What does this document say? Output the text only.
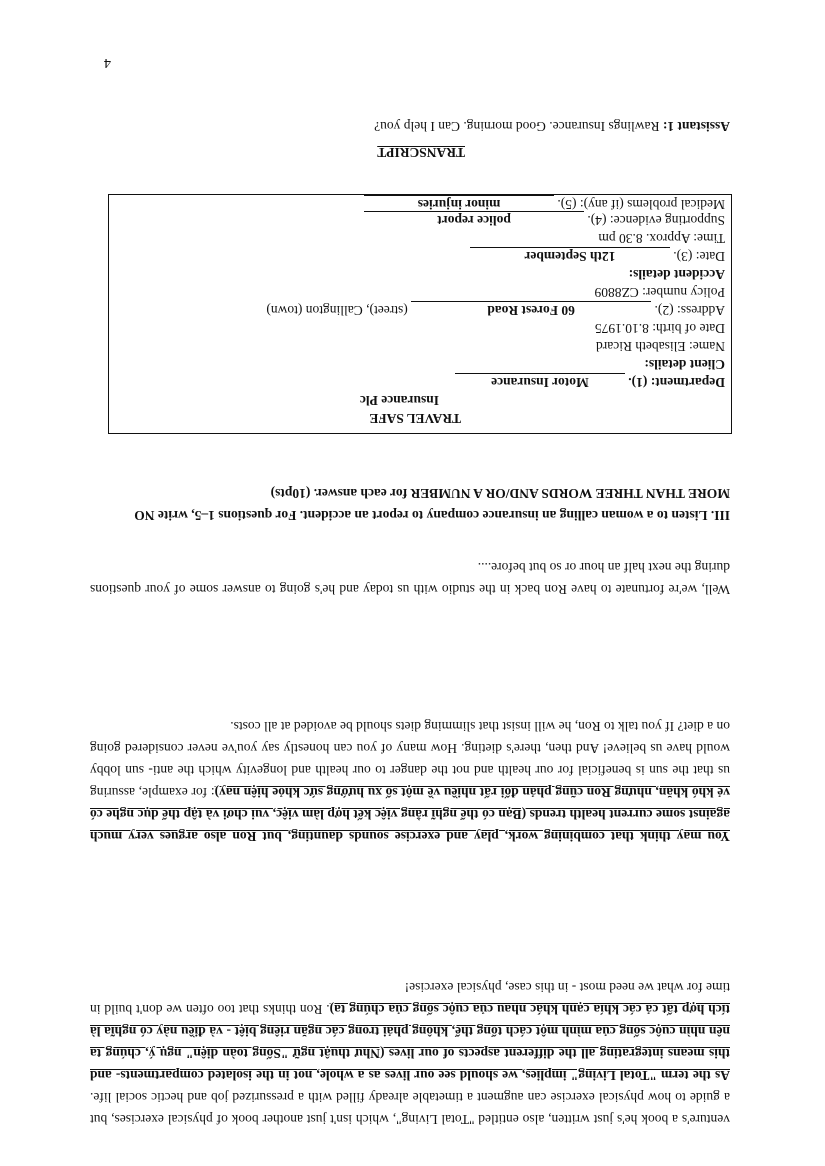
venture's a book he's just written, also entitled "Total Living", which isn't just another book of physical exercises, but a guide to how physical exercise can augment a timetable already filled with a pressurized job and hectic social life. As the term "Total Living" implies, we should see our lives as a whole, not in the isolated compartments- and this means integrating all the different aspects of our lives (Như thuật ngữ "Sống toàn diện" ngụ ý, chúng ta nên nhìn cuộc sống của mình một cách tổng thể, không phải trong các ngăn riêng biệt - và điều này có nghĩa là tích hợp tất cả các khía cạnh khác nhau của cuộc sống của chúng ta). Ron thinks that too often we don't build in time for what we need most - in this case, physical exercise!
You may think that combining work, play and exercise sounds daunting, but Ron also argues very much against some current health trends (Bạn có thể nghĩ rằng việc kết hợp làm việc, vui chơi và tập thể dục nghe có vẻ khó khăn, nhưng Ron cũng phản đối rất nhiều về một số xu hướng sức khỏe hiện nay): for example, assuring us that the sun is beneficial for our health and not the danger to our health and longevity which the anti- sun lobby would have us believe! And then, there's dieting. How many of you can honestly say you've never considered going on a diet? If you talk to Ron, he will insist that slimming diets should be avoided at all costs.
Well, we're fortunate to have Ron back in the studio with us today and he's going to answer some of your questions during the next half an hour or so but before....
III. Listen to a woman calling an insurance company to report an accident. For questions 1–5, write NO MORE THAN THREE WORDS AND/OR A NUMBER for each answer. (10pts)
TRAVEL SAFE
Insurance Plc
Department: (1). Motor Insurance
Client details:
Name: Elisabeth Ricard
Date of birth: 8.10.1975
Address: (2). 60 Forest Road (street), Callington (town)
Policy number: CZ8809
Accident details:
Date: (3). 12th September
Time: Approx. 8.30 pm
Supporting evidence: (4). police report
Medical problems (if any): (5). minor injuries
TRANSCRIPT
Assistant 1: Rawlings Insurance. Good morning. Can I help you?
4
